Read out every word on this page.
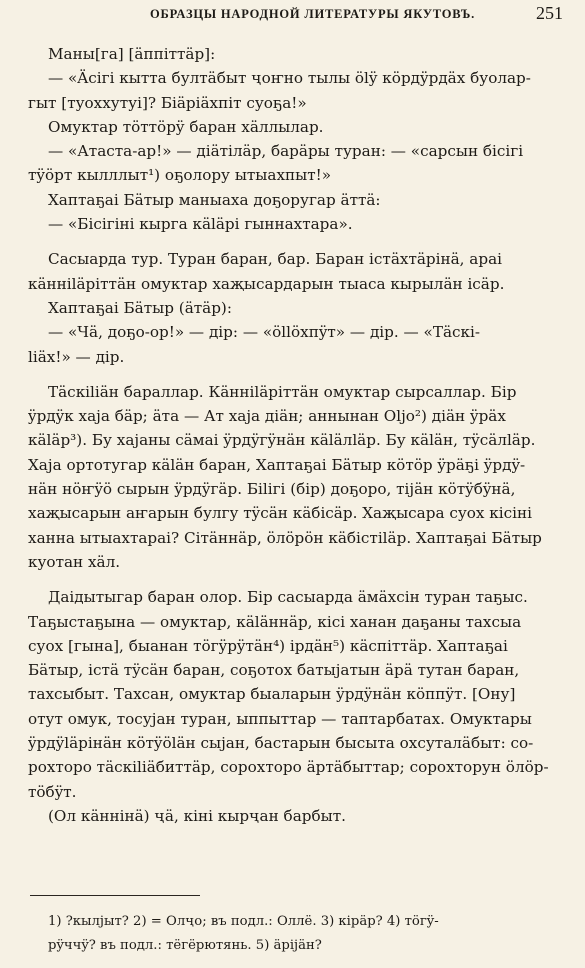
ОБРАЗЦЫ НАРОДНОЙ ЛИТЕРАТУРЫ ЯКУТОВЪ.	251
Маны[га] [äппiттäр]:
— «Äсiгi кытта бултäбыт ҷоҥно тылы ölÿ кöрдÿрдäх буолар-
гыт [туоххутуi]? Бiäрiäхпiт суоҕа!»
Омуктар тöттöрÿ баран хäллылар.
— «Атаста-ар!» — дiäтiлäр, барäры туран: — «сарсын бiсiгi
тÿöрт кылллыт¹) оҕолору ытыахпыт!»
Хаптаҕаi Бäтыр маныаха доҕоругар äттä:
— «Бiсiгiнi кырга кäläрi гыннахтара».
Сасыарда тур. Туран баран, бар. Баран iстäхтäрiнä, араi
кäннiläрiттäн омуктар хаҗысардарын тыаса кырылäн iсäр.
Хаптаҕаi Бäтыр (äтäр):
— «Чä, доҕо-ор!» — дiр: — «öllöхпÿт» — дiр. — «Тäскi-
liäх!» — дiр.
Тäскiliäн бараллар. Кäннiläрiттäн омуктар сырсаллар. Бiр
ÿрдÿк хаја бäр; äта — Ат хаја дiäн; аннынан Oljo²) дiäн ÿрäх
кäläр³). Бу хајаны сäмаi ÿрдÿгÿнäн кäläлläр. Бу кäläн, тÿсäлläр.
Хаја ортотугар кäläн баран, Хаптаҕаi Бäтыр кöтöр ÿрäҕi ÿрдÿ-
нäн нöҥÿö сырын ÿрдÿгäр. Бiliгi (бiр) доҕоро, тiјäн кöтÿбÿнä,
хаҗысарын аҥарын булгу тÿсäн кäбiсäр. Хаҗысара суох кiсiнi
ханна ытыахтараi? Сiтäннäр, öлöрöн кäбiстiläр. Хаптаҕаi Бäтыр
куотан хäл.
Даiдытыгар баран олор. Бiр сасыарда äмäхсiн туран таҕыс.
Таҕыстаҕына — омуктар, кäläннäр, кiсi ханан даҕаны тахсыа
суох [гына], быанан тöгÿрÿтäн⁴) iрдäн⁵) кäспiттäр. Хаптаҕаi
Бäтыр, iстä тÿсäн баран, соҕотох батыјатын äрä тутан баран,
тахсыбыт. Тахсан, омуктар быаларын ÿрдÿнäн кöппÿт. [Ону]
отут омук, тосујан туран, ыппыттар — таптарбатах. Омуктары
ÿрдÿläрiнäн кöтÿöläн сыјан, бастарын бысыта охсуталäбыт: со-
рохторо тäскiliäбиттäр, сорохторо äртäбыттар; сорохторун öлöр-
тöбÿт.
(Ол кäннiнä) ҷä, кiнi кырҷан барбыт.
1) ?кылјыт? 2) = Олҷо; въ подл.: Оллё. 3) кiрäр? 4) тöгÿ-
рÿччÿ? въ подл.: тёгёрютянь. 5) äрiјäн?
